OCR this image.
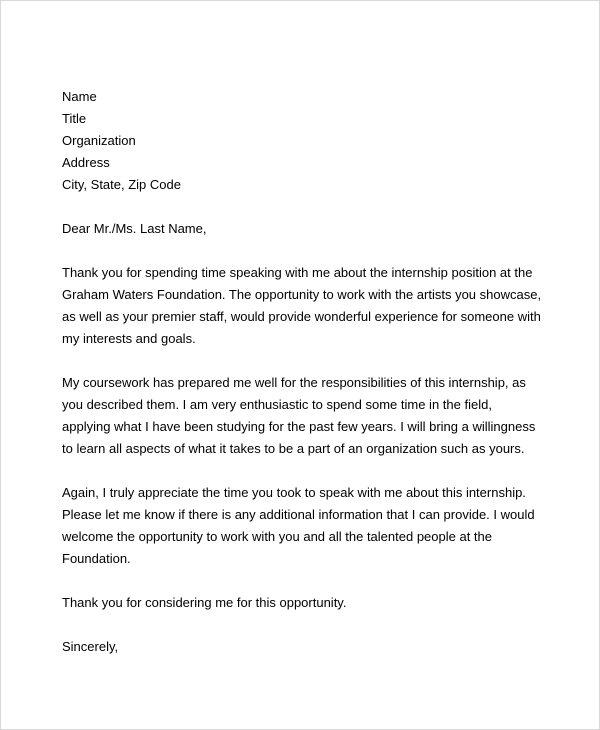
Name
Title
Organization
Address
City, State, Zip Code
Dear Mr./Ms. Last Name,
Thank you for spending time speaking with me about the internship position at the
Graham Waters Foundation. The opportunity to work with the artists you showcase,
as well as your premier staff, would provide wonderful experience for someone with
my interests and goals.
My coursework has prepared me well for the responsibilities of this internship, as
you described them. I am very enthusiastic to spend some time in the field,
applying what I have been studying for the past few years. I will bring a willingness
to learn all aspects of what it takes to be a part of an organization such as yours.
Again, I truly appreciate the time you took to speak with me about this internship.
Please let me know if there is any additional information that I can provide. I would
welcome the opportunity to work with you and all the talented people at the
Foundation.
Thank you for considering me for this opportunity.
Sincerely,
